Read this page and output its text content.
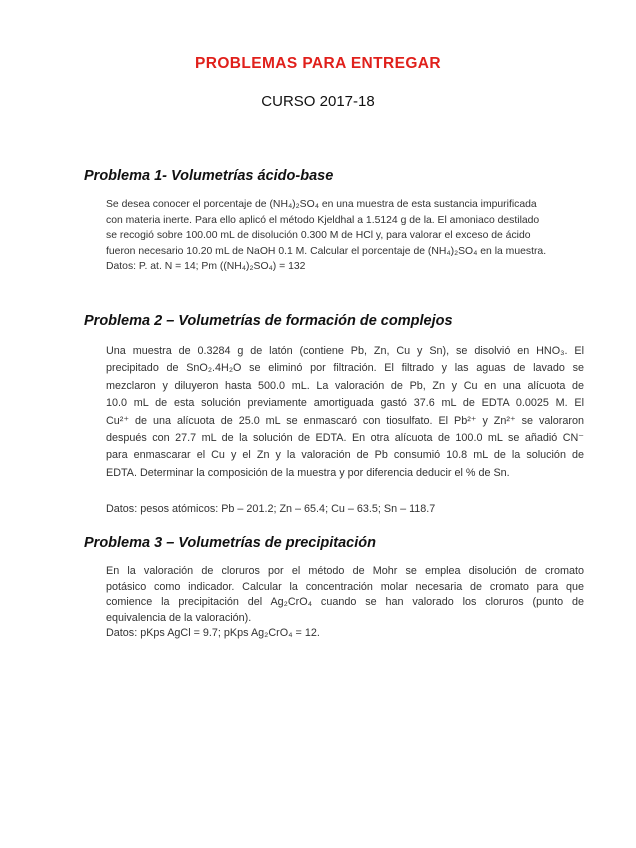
PROBLEMAS PARA ENTREGAR
CURSO 2017-18
Problema 1- Volumetrías ácido-base
Se desea conocer el porcentaje de (NH₄)₂SO₄ en una muestra de esta sustancia impurificada
con materia inerte. Para ello aplicó el método Kjeldhal a 1.5124 g de la. El amoniaco destilado
se recogió sobre 100.00 mL de disolución 0.300 M de HCl y, para valorar el exceso de ácido
fueron necesario 10.20 mL de NaOH 0.1 M. Calcular el porcentaje de (NH₄)₂SO₄ en la muestra.
Datos: P. at. N = 14; Pm ((NH₄)₂SO₄) = 132
Problema 2 – Volumetrías de formación de complejos
Una muestra de 0.3284 g de latón (contiene Pb, Zn, Cu y Sn), se disolvió en HNO₃. El
precipitado de SnO₂.4H₂O se eliminó por filtración. El filtrado y las aguas de lavado se
mezclaron y diluyeron hasta 500.0 mL. La valoración de Pb, Zn y Cu en una alícuota de
10.0 mL de esta solución previamente amortiguada gastó 37.6 mL de EDTA 0.0025 M. El
Cu²⁺ de una alícuota de 25.0 mL se enmascaró con tiosulfato. El Pb²⁺ y Zn²⁺ se valoraron
después con 27.7 mL de la solución de EDTA. En otra alícuota de 100.0 mL se añadió CN⁻
para enmascarar el Cu y el Zn y la valoración de Pb consumió 10.8 mL de la solución de
EDTA. Determinar la composición de la muestra y por diferencia deducir el % de Sn.
Datos: pesos atómicos: Pb – 201.2; Zn – 65.4; Cu – 63.5; Sn – 118.7
Problema 3 – Volumetrías de precipitación
En la valoración de cloruros por el método de Mohr se emplea disolución de cromato
potásico como indicador. Calcular la concentración molar necesaria de cromato para que
comience la precipitación del Ag₂CrO₄ cuando se han valorado los cloruros (punto de
equivalencia de la valoración).
Datos: pKps AgCl = 9.7; pKps Ag₂CrO₄ = 12.
